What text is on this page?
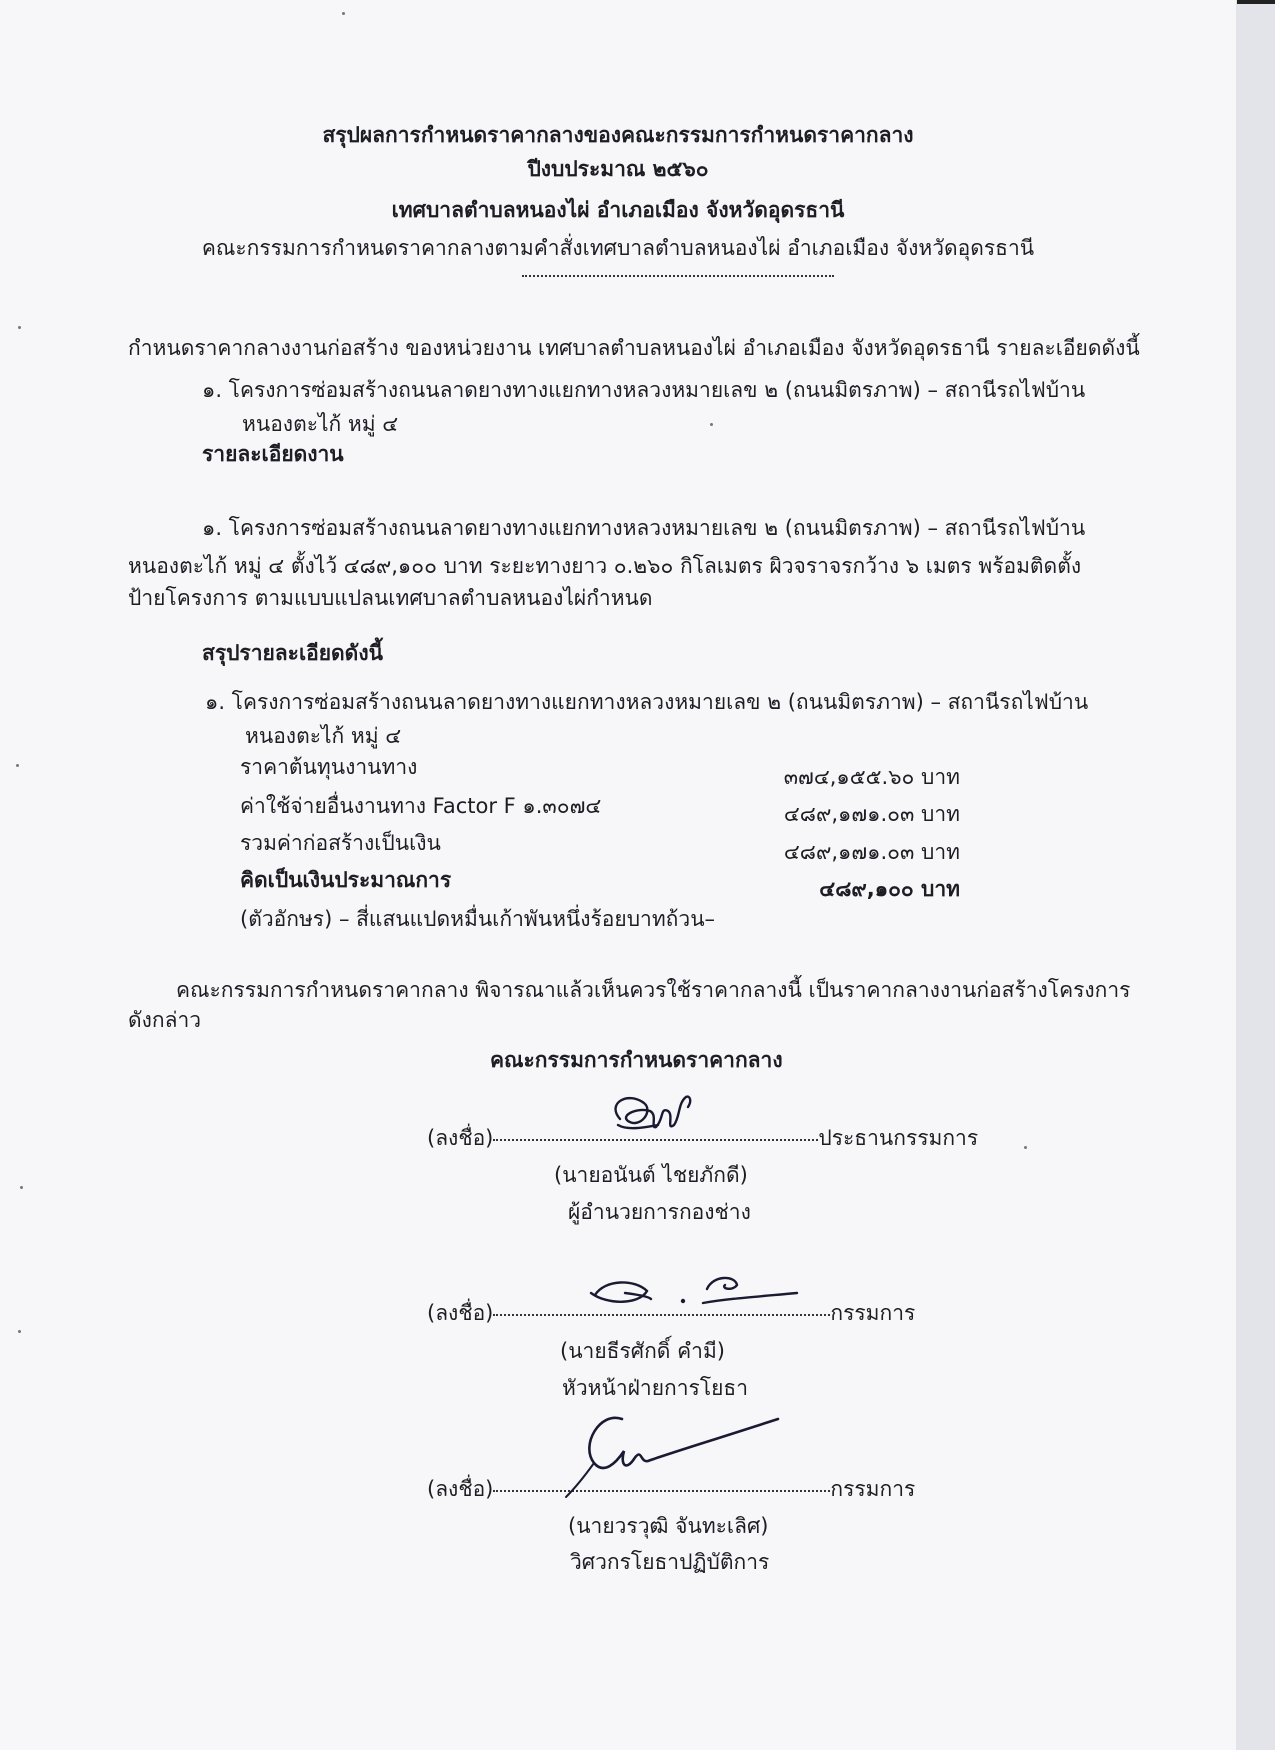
สรุปผลการกำหนดราคากลางของคณะกรรมการกำหนดราคากลาง
ปีงบประมาณ ๒๕๖๐
เทศบาลตำบลหนองไผ่ อำเภอเมือง จังหวัดอุดรธานี
คณะกรรมการกำหนดราคากลางตามคำสั่งเทศบาลตำบลหนองไผ่ อำเภอเมือง จังหวัดอุดรธานี
กำหนดราคากลางงานก่อสร้าง ของหน่วยงาน เทศบาลตำบลหนองไผ่ อำเภอเมือง จังหวัดอุดรธานี รายละเอียดดังนี้
๑. โครงการซ่อมสร้างถนนลาดยางทางแยกทางหลวงหมายเลข ๒ (ถนนมิตรภาพ) – สถานีรถไฟบ้าน
หนองตะไก้ หมู่ ๔
รายละเอียดงาน
๑. โครงการซ่อมสร้างถนนลาดยางทางแยกทางหลวงหมายเลข ๒ (ถนนมิตรภาพ) – สถานีรถไฟบ้าน
หนองตะไก้ หมู่ ๔ ตั้งไว้ ๔๘๙,๑๐๐ บาท ระยะทางยาว ๐.๒๖๐ กิโลเมตร ผิวจราจรกว้าง ๖ เมตร พร้อมติดตั้ง
ป้ายโครงการ ตามแบบแปลนเทศบาลตำบลหนองไผ่กำหนด
สรุปรายละเอียดดังนี้
๑. โครงการซ่อมสร้างถนนลาดยางทางแยกทางหลวงหมายเลข ๒ (ถนนมิตรภาพ) – สถานีรถไฟบ้าน
หนองตะไก้ หมู่ ๔
ราคาต้นทุนงานทาง	๓๗๔,๑๕๕.๖๐ บาท
ค่าใช้จ่ายอื่นงานทาง Factor F ๑.๓๐๗๔	๔๘๙,๑๗๑.๐๓ บาท
รวมค่าก่อสร้างเป็นเงิน	๔๘๙,๑๗๑.๐๓ บาท
คิดเป็นเงินประมาณการ	๔๘๙,๑๐๐ บาท
(ตัวอักษร) – สี่แสนแปดหมื่นเก้าพันหนึ่งร้อยบาทถ้วน–
คณะกรรมการกำหนดราคากลาง พิจารณาแล้วเห็นควรใช้ราคากลางนี้ เป็นราคากลางงานก่อสร้างโครงการ
ดังกล่าว
คณะกรรมการกำหนดราคากลาง
(ลงชื่อ)	ประธานกรรมการ
(นายอนันต์ ไชยภักดี)
ผู้อำนวยการกองช่าง
(ลงชื่อ)	กรรมการ
(นายธีรศักดิ์ คำมี)
หัวหน้าฝ่ายการโยธา
(ลงชื่อ)	กรรมการ
(นายวรวุฒิ จันทะเลิศ)
วิศวกรโยธาปฏิบัติการ
